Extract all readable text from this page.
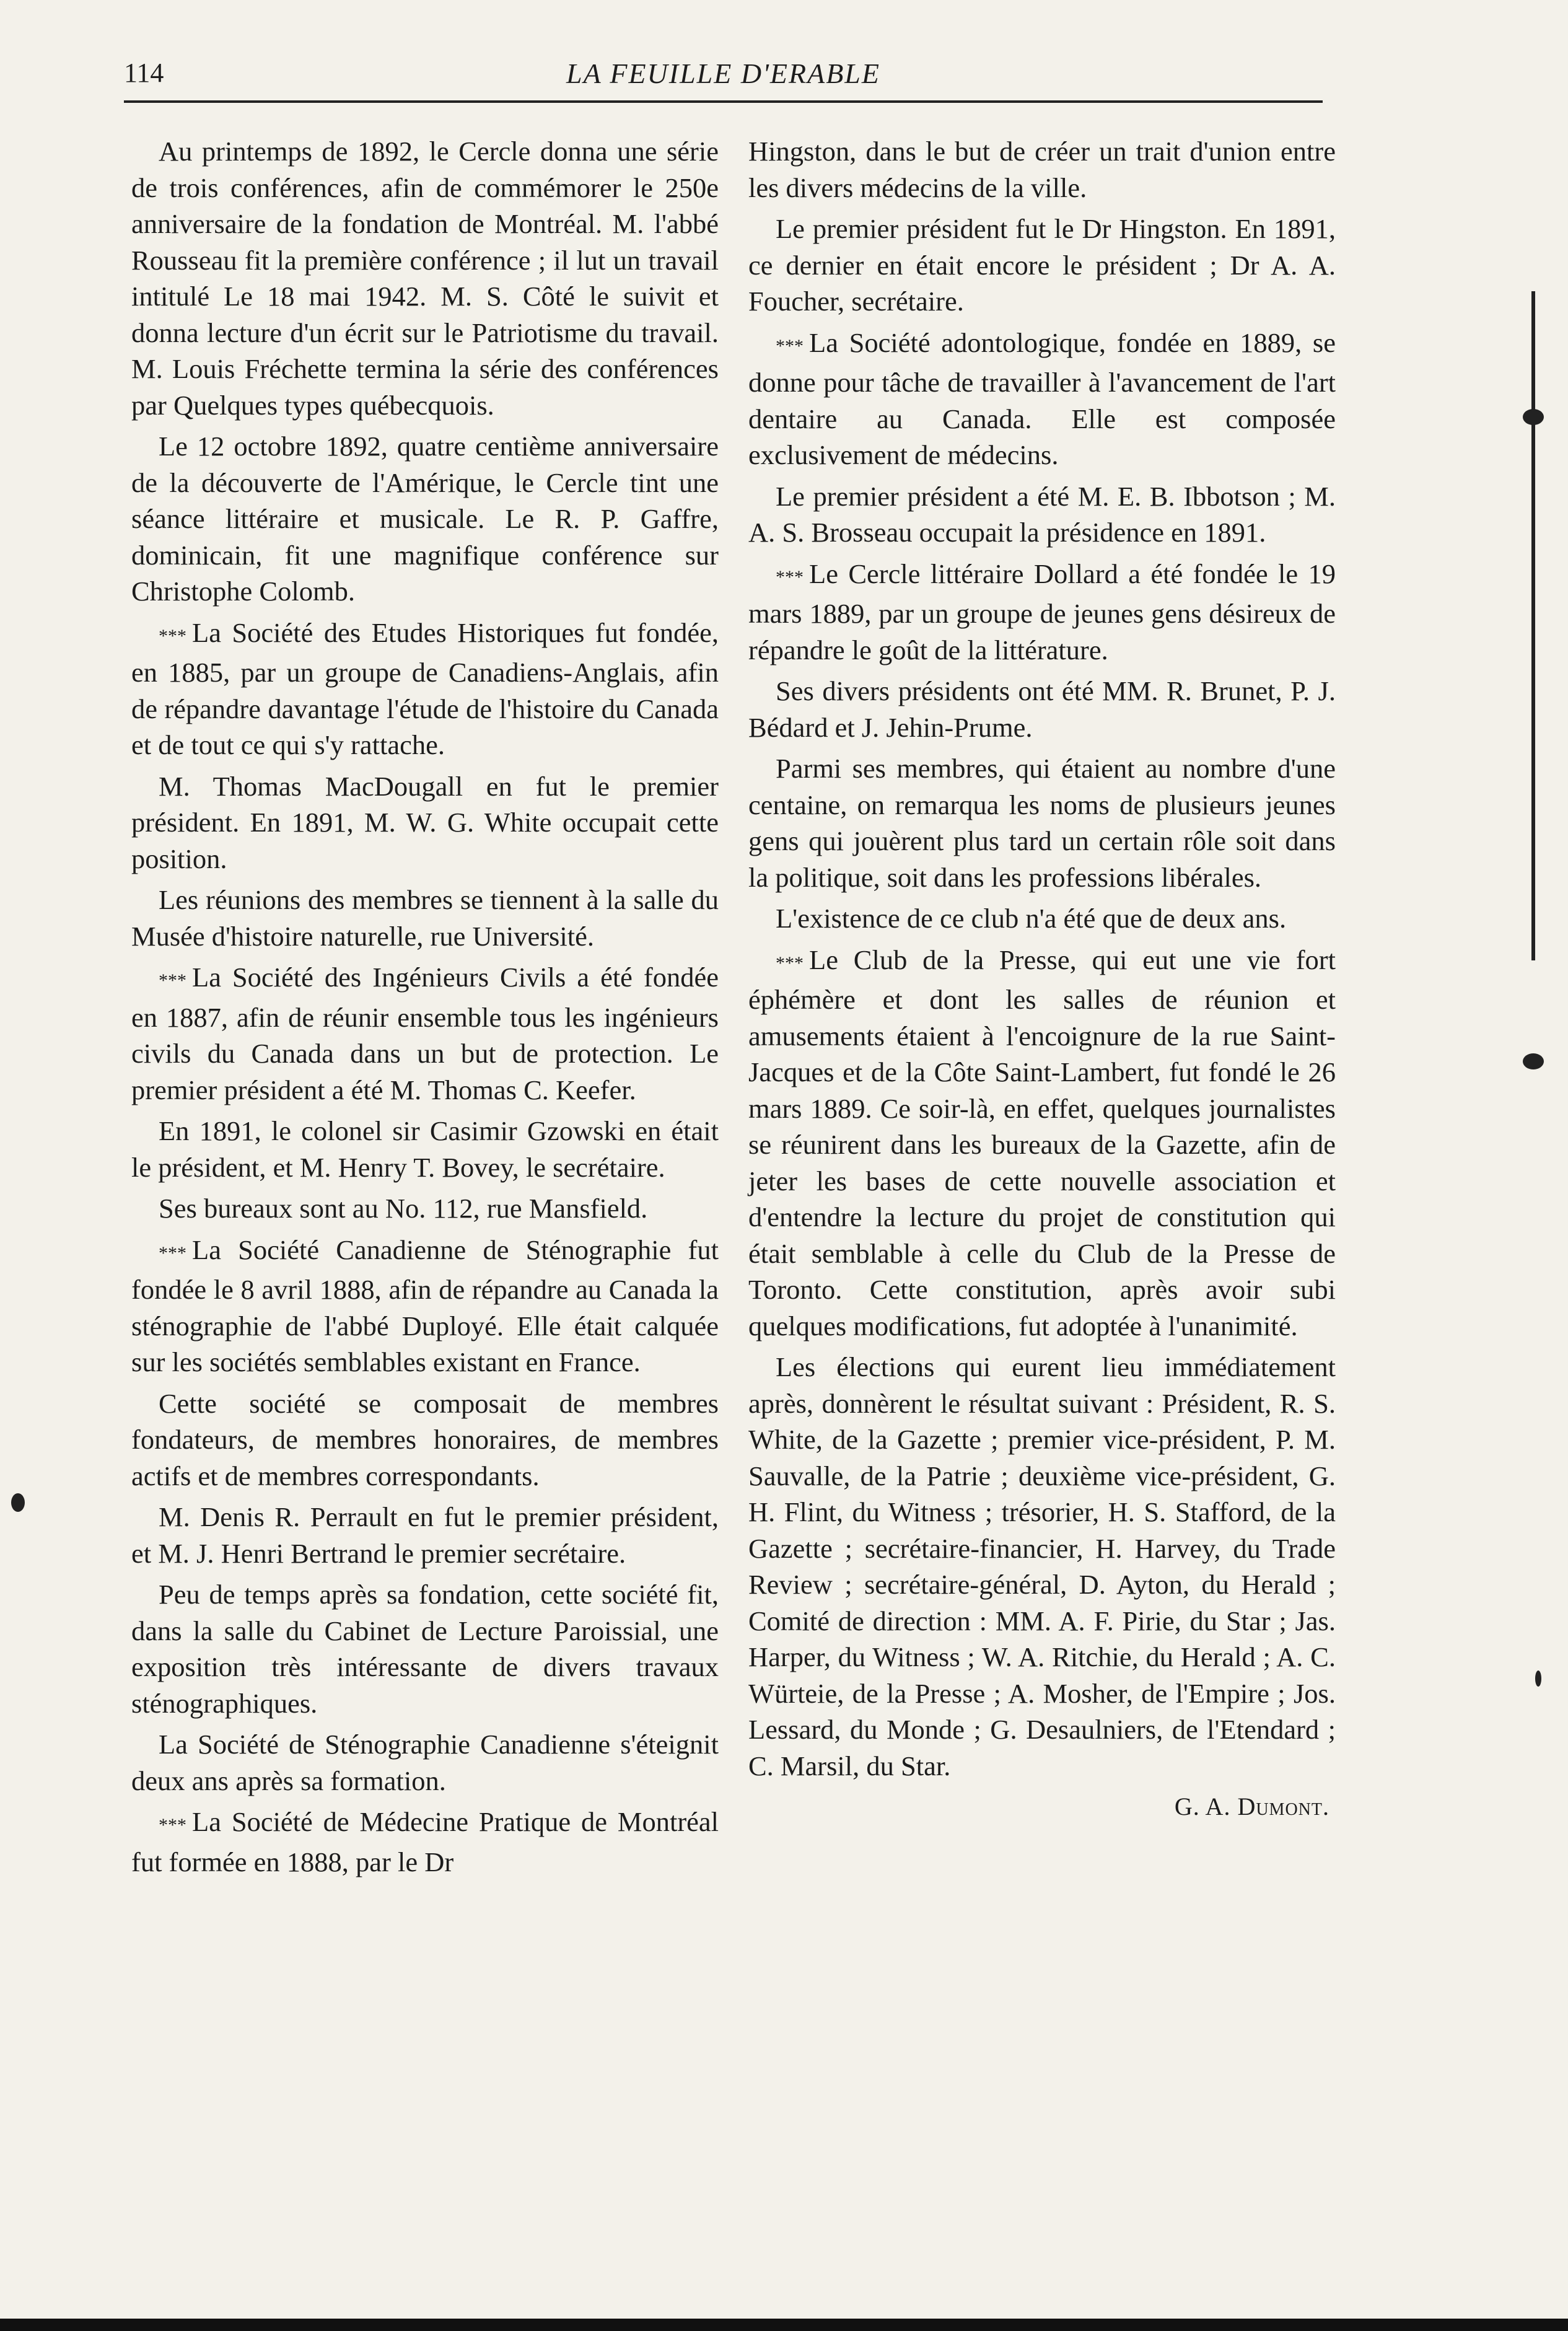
114	LA FEUILLE D'ERABLE

Au printemps de 1892, le Cercle donna une série de trois conférences, afin de commémorer le 250e anniversaire de la fondation de Montréal. M. l'abbé Rousseau fit la première conférence ; il lut un travail intitulé Le 18 mai 1942. M. S. Côté le suivit et donna lecture d'un écrit sur le Patriotisme du travail. M. Louis Fréchette termina la série des conférences par Quelques types québecquois.

Le 12 octobre 1892, quatre centième anniversaire de la découverte de l'Amérique, le Cercle tint une séance littéraire et musicale. Le R. P. Gaffre, dominicain, fit une magnifique conférence sur Christophe Colomb.

* * * La Société des Etudes Historiques fut fondée, en 1885, par un groupe de Canadiens-Anglais, afin de répandre davantage l'étude de l'histoire du Canada et de tout ce qui s'y rattache.

M. Thomas MacDougall en fut le premier président. En 1891, M. W. G. White occupait cette position.

Les réunions des membres se tiennent à la salle du Musée d'histoire naturelle, rue Université.

* * * La Société des Ingénieurs Civils a été fondée en 1887, afin de réunir ensemble tous les ingénieurs civils du Canada dans un but de protection. Le premier président a été M. Thomas C. Keefer.

En 1891, le colonel sir Casimir Gzowski en était le président, et M. Henry T. Bovey, le secrétaire.

Ses bureaux sont au No. 112, rue Mansfield.

* * * La Société Canadienne de Sténographie fut fondée le 8 avril 1888, afin de répandre au Canada la sténographie de l'abbé Duployé. Elle était calquée sur les sociétés semblables existant en France.

Cette société se composait de membres fondateurs, de membres honoraires, de membres actifs et de membres correspondants.

M. Denis R. Perrault en fut le premier président, et M. J. Henri Bertrand le premier secrétaire.

Peu de temps après sa fondation, cette société fit, dans la salle du Cabinet de Lecture Paroissial, une exposition très intéressante de divers travaux sténographiques.

La Société de Sténographie Canadienne s'éteignit deux ans après sa formation.

* * * La Société de Médecine Pratique de Montréal fut formée en 1888, par le Dr

Hingston, dans le but de créer un trait d'union entre les divers médecins de la ville.

Le premier président fut le Dr Hingston. En 1891, ce dernier en était encore le président ; Dr A. A. Foucher, secrétaire.

* * * La Société adontologique, fondée en 1889, se donne pour tâche de travailler à l'avancement de l'art dentaire au Canada. Elle est composée exclusivement de médecins.

Le premier président a été M. E. B. Ibbotson ; M. A. S. Brosseau occupait la présidence en 1891.

* * * Le Cercle littéraire Dollard a été fondée le 19 mars 1889, par un groupe de jeunes gens désireux de répandre le goût de la littérature.

Ses divers présidents ont été MM. R. Brunet, P. J. Bédard et J. Jehin-Prume.

Parmi ses membres, qui étaient au nombre d'une centaine, on remarqua les noms de plusieurs jeunes gens qui jouèrent plus tard un certain rôle soit dans la politique, soit dans les professions libérales.

L'existence de ce club n'a été que de deux ans.

* * * Le Club de la Presse, qui eut une vie fort éphémère et dont les salles de réunion et amusements étaient à l'encoignure de la rue Saint-Jacques et de la Côte Saint-Lambert, fut fondé le 26 mars 1889. Ce soir-là, en effet, quelques journalistes se réunirent dans les bureaux de la Gazette, afin de jeter les bases de cette nouvelle association et d'entendre la lecture du projet de constitution qui était semblable à celle du Club de la Presse de Toronto. Cette constitution, après avoir subi quelques modifications, fut adoptée à l'unanimité.

Les élections qui eurent lieu immédiatement après, donnèrent le résultat suivant : Président, R. S. White, de la Gazette ; premier vice-président, P. M. Sauvalle, de la Patrie ; deuxième vice-président, G. H. Flint, du Witness ; trésorier, H. S. Stafford, de la Gazette ; secrétaire-financier, H. Harvey, du Trade Review ; secrétaire-général, D. Ayton, du Herald ; Comité de direction : MM. A. F. Pirie, du Star ; Jas. Harper, du Witness ; W. A. Ritchie, du Herald ; A. C. Würteie, de la Presse ; A. Mosher, de l'Empire ; Jos. Lessard, du Monde ; G. Desaulniers, de l'Etendard ; C. Marsil, du Star.

G. A. Dumont.
